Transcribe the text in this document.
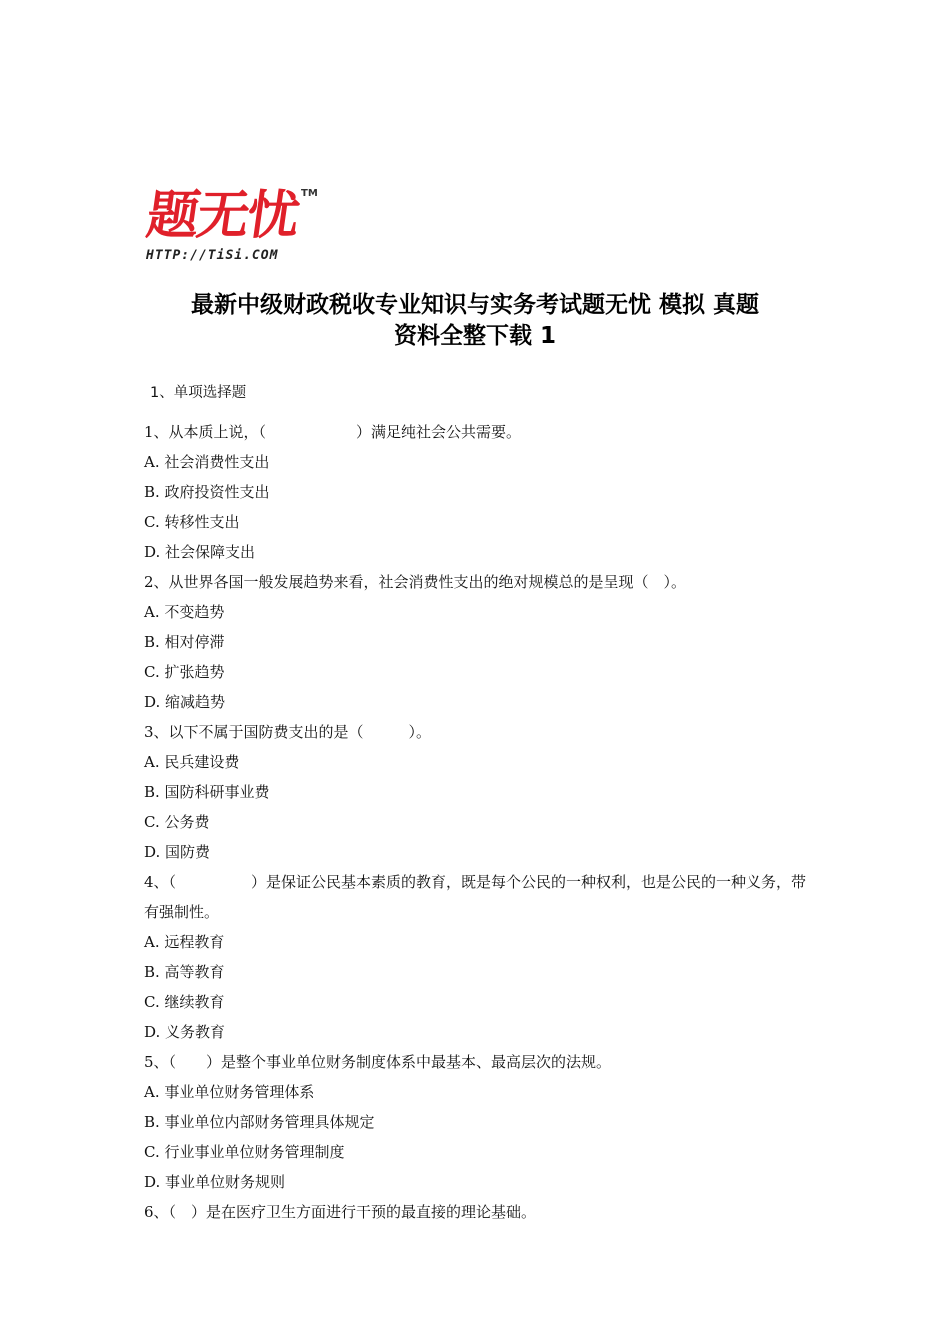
题无忧 TM
HTTP://TiSi.COM
最新中级财政税收专业知识与实务考试题无忧 模拟 真题
资料全整下载 1
1、单项选择题
1、从本质上说，（　　　　　　）满足纯社会公共需要。
A. 社会消费性支出
B. 政府投资性支出
C. 转移性支出
D. 社会保障支出
2、从世界各国一般发展趋势来看，社会消费性支出的绝对规模总的是呈现（　）。
A. 不变趋势
B. 相对停滞
C. 扩张趋势
D. 缩减趋势
3、以下不属于国防费支出的是（　　　）。
A. 民兵建设费
B. 国防科研事业费
C. 公务费
D. 国防费
4、（　　　　　）是保证公民基本素质的教育，既是每个公民的一种权利，也是公民的一种义务，带有强制性。
A. 远程教育
B. 高等教育
C. 继续教育
D. 义务教育
5、（　　）是整个事业单位财务制度体系中最基本、最高层次的法规。
A. 事业单位财务管理体系
B. 事业单位内部财务管理具体规定
C. 行业事业单位财务管理制度
D. 事业单位财务规则
6、（　）是在医疗卫生方面进行干预的最直接的理论基础。
